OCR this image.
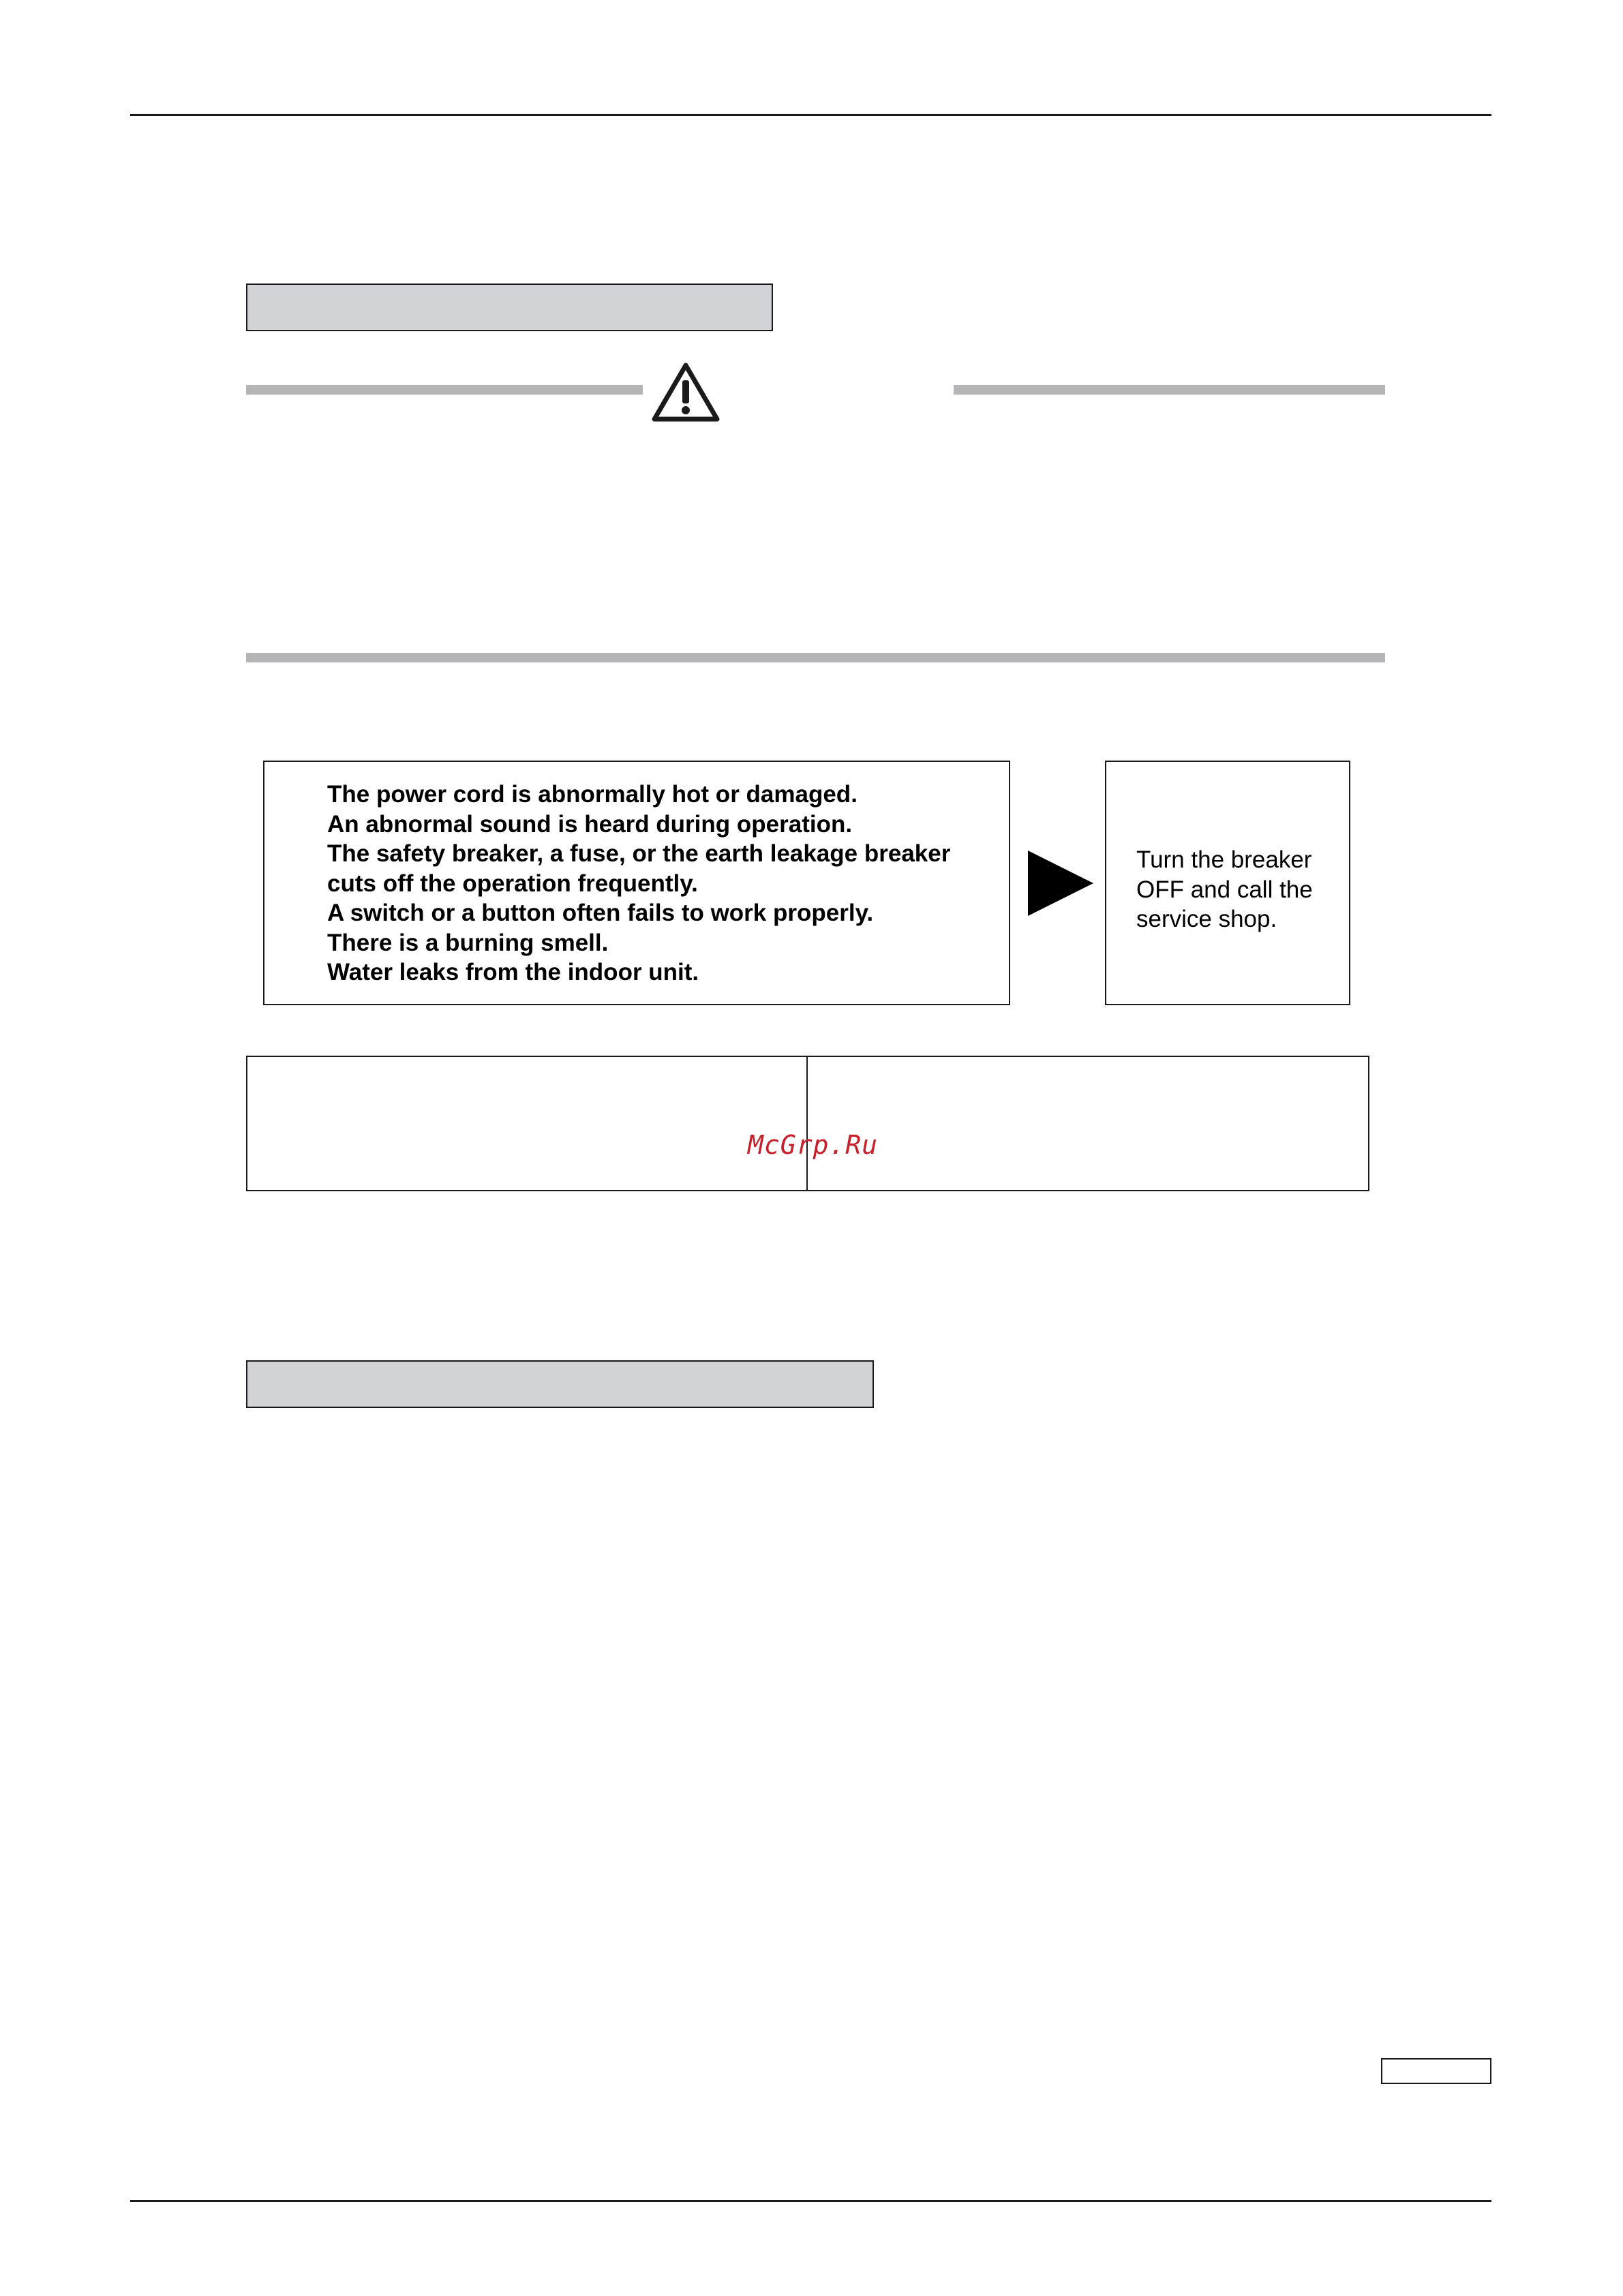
The power cord is abnormally hot or damaged.
An abnormal sound is heard during operation.
The safety breaker, a fuse, or the earth leakage breaker
cuts off the operation frequently.
A switch or a button often fails to work properly.
There is a burning smell.
Water leaks from the indoor unit.

Turn the breaker
OFF and call the
service shop.

McGrp.Ru
